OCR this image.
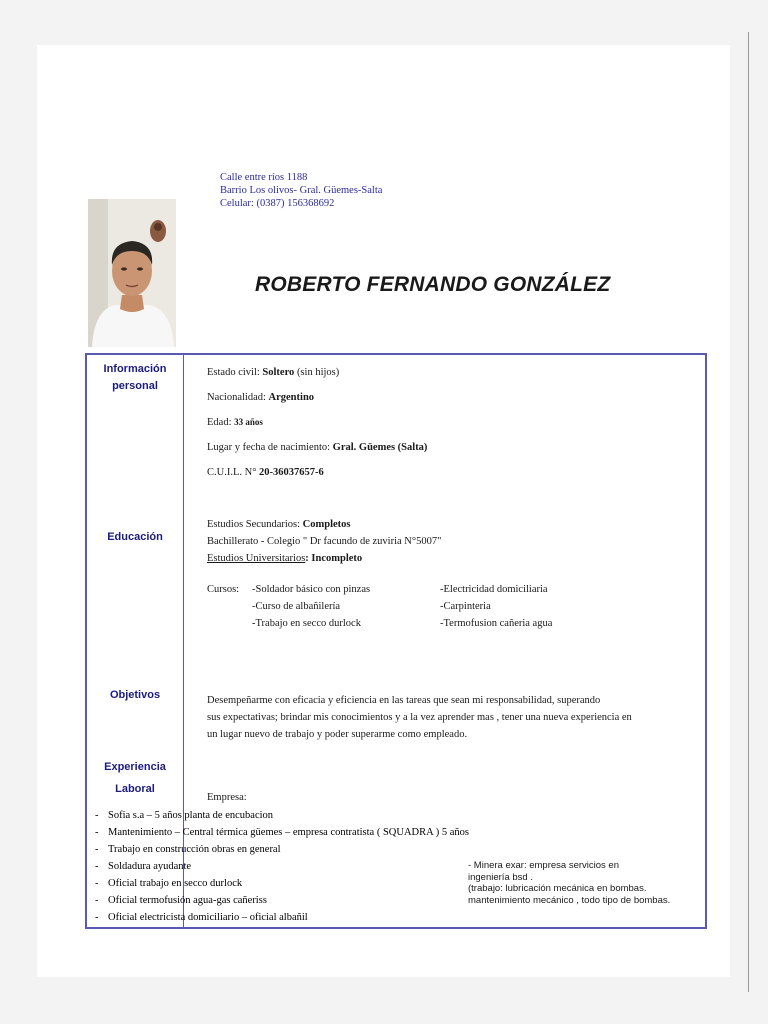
Calle entre ríos 1188
Barrio Los olivos- Gral. Güemes-Salta
Celular: (0387) 156368692
ROBERTO FERNANDO GONZÁLEZ
Información
personal
Educación
Objetivos
Experiencia
Laboral
Estado civil: Soltero (sin hijos)
Nacionalidad: Argentino
Edad: 33 años
Lugar y fecha de nacimiento: Gral. Güemes (Salta)
C.U.I.L. N° 20-36037657-6
Estudios Secundarios: Completos
Bachillerato - Colegio " Dr facundo de zuviria N°5007"
Estudios Universitarios: Incompleto
Cursos: -Soldador básico con pinzas
-Curso de albañilería
-Trabajo en secco durlock
-Electricidad domiciliaria
-Carpinteria
-Termofusion cañeria agua
Desempeñarme con eficacia y eficiencia en las tareas que sean mi responsabilidad, superando
sus expectativas; brindar mis conocimientos y a la vez aprender mas , tener una nueva experiencia en
un lugar nuevo de trabajo y poder superarme como empleado.
Empresa:
- Sofia s.a – 5 años planta de encubacion
- Mantenimiento – Central térmica güemes – empresa contratista ( SQUADRA ) 5 años
- Trabajo en construcción obras en general
- Soldadura ayudante
- Oficial trabajo en secco durlock
- Oficial termofusión agua-gas cañeriss
- Oficial electricista domiciliario – oficial albañil
- Minera exar: empresa servicios en
ingeniería bsd .
(trabajo: lubricación mecánica en bombas.
mantenimiento mecánico , todo tipo de bombas.
